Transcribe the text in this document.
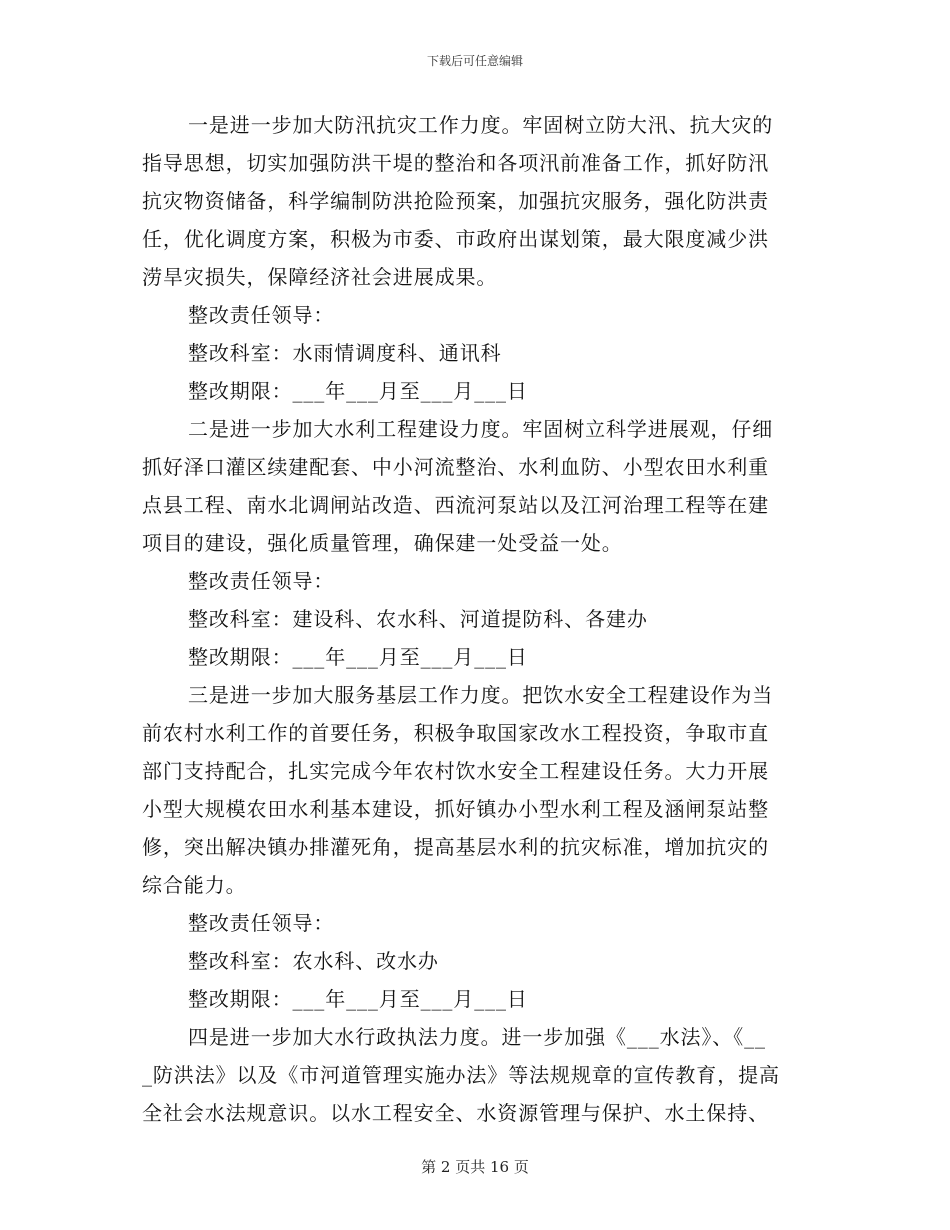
下载后可任意编辑
一是进一步加大防汛抗灾工作力度。牢固树立防大汛、抗大灾的
指导思想，切实加强防洪干堤的整治和各项汛前准备工作，抓好防汛
抗灾物资储备，科学编制防洪抢险预案，加强抗灾服务，强化防洪责
任，优化调度方案，积极为市委、市政府出谋划策，最大限度减少洪
涝旱灾损失，保障经济社会进展成果。
整改责任领导：
整改科室：水雨情调度科、通讯科
整改期限：___年___月至___月___日
二是进一步加大水利工程建设力度。牢固树立科学进展观，仔细
抓好泽口灌区续建配套、中小河流整治、水利血防、小型农田水利重
点县工程、南水北调闸站改造、西流河泵站以及江河治理工程等在建
项目的建设，强化质量管理，确保建一处受益一处。
整改责任领导：
整改科室：建设科、农水科、河道提防科、各建办
整改期限：___年___月至___月___日
三是进一步加大服务基层工作力度。把饮水安全工程建设作为当
前农村水利工作的首要任务，积极争取国家改水工程投资，争取市直
部门支持配合，扎实完成今年农村饮水安全工程建设任务。大力开展
小型大规模农田水利基本建设，抓好镇办小型水利工程及涵闸泵站整
修，突出解决镇办排灌死角，提高基层水利的抗灾标准，增加抗灾的
综合能力。
整改责任领导：
整改科室：农水科、改水办
整改期限：___年___月至___月___日
四是进一步加大水行政执法力度。进一步加强《___水法》、《__
_防洪法》以及《市河道管理实施办法》等法规规章的宣传教育，提高
全社会水法规意识。以水工程安全、水资源管理与保护、水土保持、
第 2 页共 16 页
